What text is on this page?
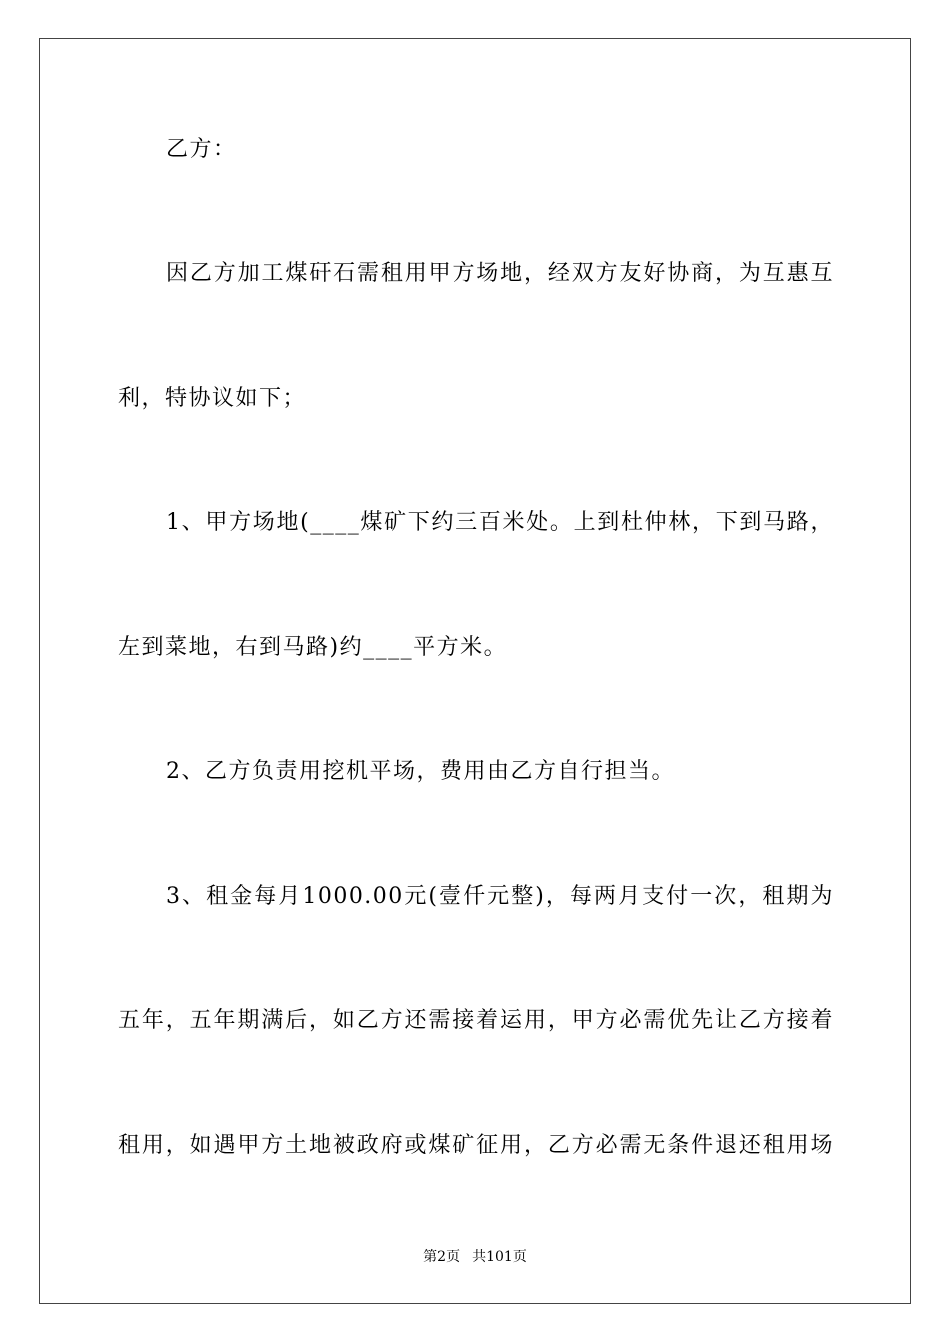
乙方：
因乙方加工煤矸石需租用甲方场地，经双方友好协商，为互惠互
利，特协议如下；
1、甲方场地(____煤矿下约三百米处。上到杜仲林，下到马路，
左到菜地，右到马路)约____平方米。
2、乙方负责用挖机平场，费用由乙方自行担当。
3、租金每月1000.00元(壹仟元整)，每两月支付一次，租期为
五年，五年期满后，如乙方还需接着运用，甲方必需优先让乙方接着
租用，如遇甲方土地被政府或煤矿征用，乙方必需无条件退还租用场
第2页 共101页
